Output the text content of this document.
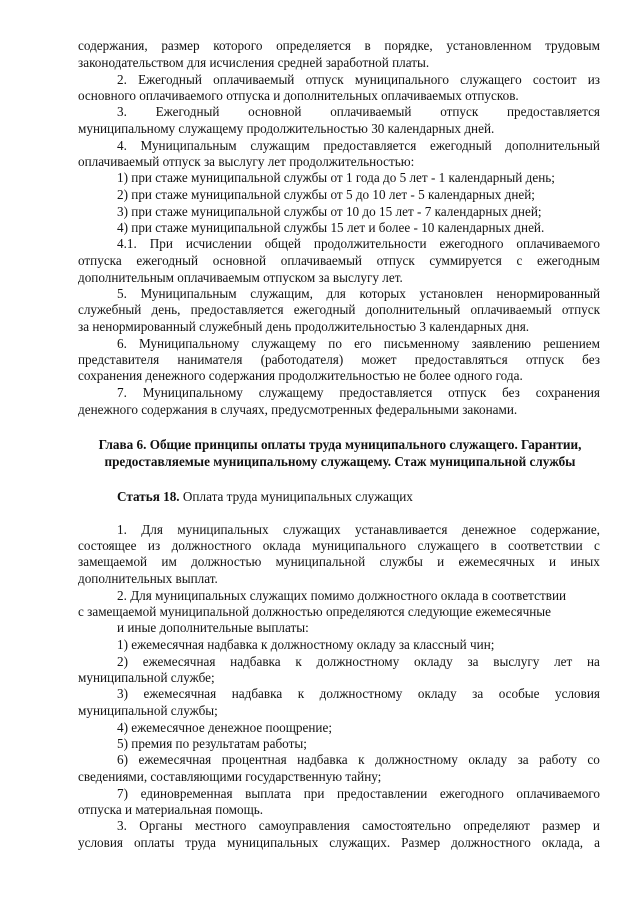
содержания, размер которого определяется в порядке, установленном трудовым
законодательством для исчисления средней заработной платы.
2. Ежегодный оплачиваемый отпуск муниципального служащего состоит из
основного оплачиваемого отпуска и дополнительных оплачиваемых отпусков.
3. Ежегодный основной оплачиваемый отпуск предоставляется
муниципальному служащему продолжительностью 30 календарных дней.
4. Муниципальным служащим предоставляется ежегодный дополнительный
оплачиваемый отпуск за выслугу лет продолжительностью:
1) при стаже муниципальной службы от 1 года до 5 лет - 1 календарный день;
2) при стаже муниципальной службы от 5 до 10 лет - 5 календарных дней;
3) при стаже муниципальной службы от 10 до 15 лет - 7 календарных дней;
4) при стаже муниципальной службы 15 лет и более - 10 календарных дней.
4.1. При исчислении общей продолжительности ежегодного оплачиваемого
отпуска ежегодный основной оплачиваемый отпуск суммируется с ежегодным
дополнительным оплачиваемым отпуском за выслугу лет.
5. Муниципальным служащим, для которых установлен ненормированный
служебный день, предоставляется ежегодный дополнительный оплачиваемый отпуск
за ненормированный служебный день продолжительностью 3 календарных дня.
6. Муниципальному служащему по его письменному заявлению решением
представителя нанимателя (работодателя) может предоставляться отпуск без
сохранения денежного содержания продолжительностью не более одного года.
7. Муниципальному служащему предоставляется отпуск без сохранения
денежного содержания в случаях, предусмотренных федеральными законами.
Глава 6. Общие принципы оплаты труда муниципального служащего. Гарантии,
предоставляемые муниципальному служащему. Стаж муниципальной службы
Статья 18. Оплата труда муниципальных служащих
1. Для муниципальных служащих устанавливается денежное содержание,
состоящее из должностного оклада муниципального служащего в соответствии с
замещаемой им должностью муниципальной службы и ежемесячных и иных
дополнительных выплат.
2. Для муниципальных служащих помимо должностного оклада в соответствии
с замещаемой муниципальной должностью определяются следующие ежемесячные
и иные дополнительные выплаты:
1) ежемесячная надбавка к должностному окладу за классный чин;
2) ежемесячная надбавка к должностному окладу за выслугу лет на
муниципальной службе;
3) ежемесячная надбавка к должностному окладу за особые условия
муниципальной службы;
4) ежемесячное денежное поощрение;
5) премия по результатам работы;
6) ежемесячная процентная надбавка к должностному окладу за работу со
сведениями, составляющими государственную тайну;
7) единовременная выплата при предоставлении ежегодного оплачиваемого
отпуска и материальная помощь.
3. Органы местного самоуправления самостоятельно определяют размер и
условия оплаты труда муниципальных служащих. Размер должностного оклада, а
